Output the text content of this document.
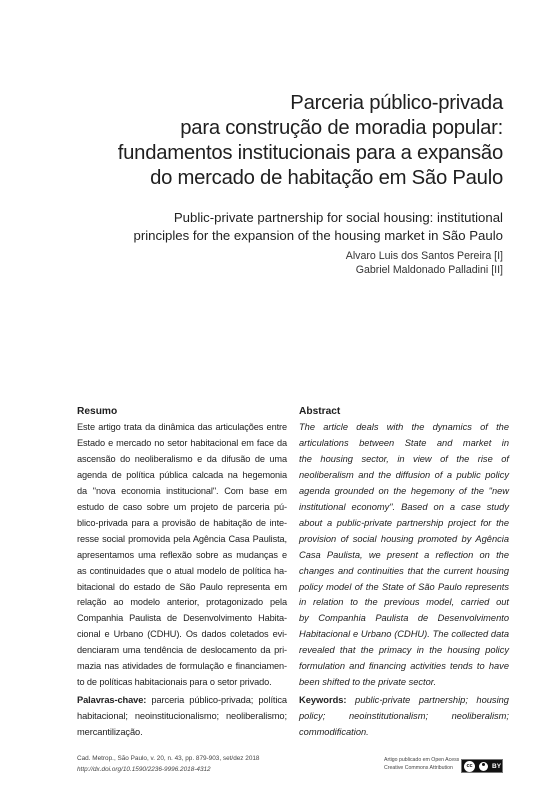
Parceria público-privada
para construção de moradia popular:
fundamentos institucionais para a expansão
do mercado de habitação em São Paulo
Public-private partnership for social housing: institutional
principles for the expansion of the housing market in São Paulo
Alvaro Luis dos Santos Pereira [I]
Gabriel Maldonado Palladini [II]
Resumo
Este artigo trata da dinâmica das articulações entre
Estado e mercado no setor habitacional em face da
ascensão do neoliberalismo e da difusão de uma
agenda de política pública calcada na hegemonia
da "nova economia institucional". Com base em
estudo de caso sobre um projeto de parceria pú-
blico-privada para a provisão de habitação de inte-
resse social promovida pela Agência Casa Paulista,
apresentamos uma reflexão sobre as mudanças e
as continuidades que o atual modelo de política ha-
bitacional do estado de São Paulo representa em
relação ao modelo anterior, protagonizado pela
Companhia Paulista de Desenvolvimento Habita-
cional e Urbano (CDHU). Os dados coletados evi-
denciaram uma tendência de deslocamento da pri-
mazia nas atividades de formulação e financiamen-
to de políticas habitacionais para o setor privado.
Palavras-chave: parceria público-privada; política
habitacional; neoinstitucionalismo; neoliberalismo;
mercantilização.
Abstract
The article deals with the dynamics of the
articulations between State and market in
the housing sector, in view of the rise of
neoliberalism and the diffusion of a public policy
agenda grounded on the hegemony of the "new
institutional economy". Based on a case study
about a public-private partnership project for the
provision of social housing promoted by Agência
Casa Paulista, we present a reflection on the
changes and continuities that the current housing
policy model of the State of São Paulo represents
in relation to the previous model, carried out
by Companhia Paulista de Desenvolvimento
Habitacional e Urbano (CDHU). The collected data
revealed that the primacy in the housing policy
formulation and financing activities tends to have
been shifted to the private sector.
Keywords: public-private partnership; housing
policy; neoinstitutionalism; neoliberalism;
commodification.
Cad. Metrop., São Paulo, v. 20, n. 43, pp. 879-903, set/dez 2018
http://dx.doi.org/10.1590/2236-9996.2018-4312
Artigo publicado em Open Acess
Creative Commons Attribution	cc	BY
